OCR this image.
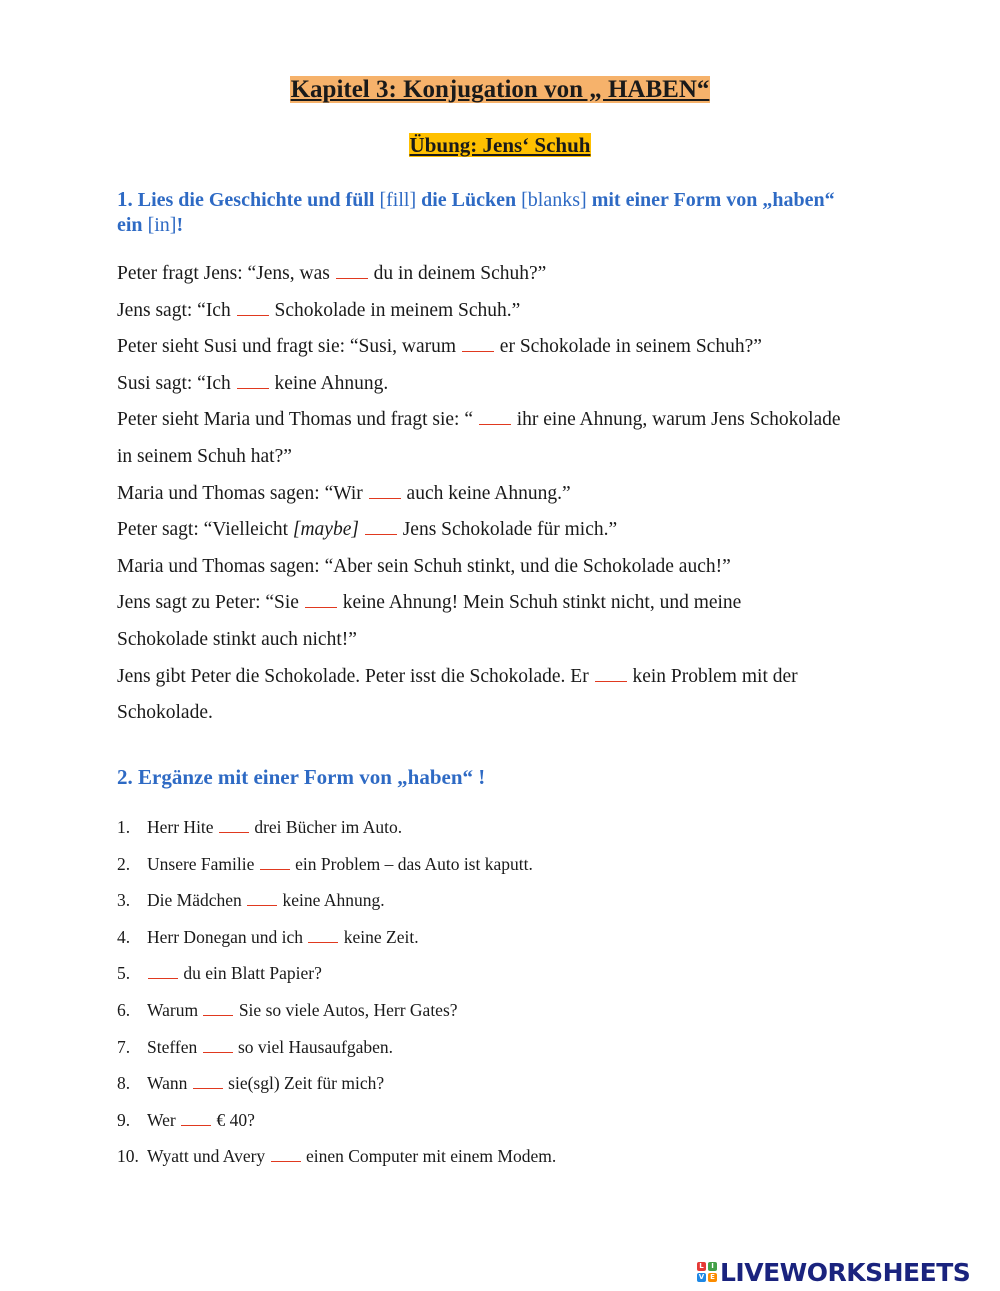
Kapitel 3: Konjugation von „ HABEN“
Übung: Jens‘ Schuh
1. Lies die Geschichte und füll [fill] die Lücken [blanks] mit einer Form von „haben“
ein [in]!
Peter fragt Jens: “Jens, was du in deinem Schuh?”
Jens sagt: “Ich Schokolade in meinem Schuh.”
Peter sieht Susi und fragt sie: “Susi, warum er Schokolade in seinem Schuh?”
Susi sagt: “Ich keine Ahnung.
Peter sieht Maria und Thomas und fragt sie: “ ihr eine Ahnung, warum Jens Schokolade
in seinem Schuh hat?”
Maria und Thomas sagen: “Wir auch keine Ahnung.”
Peter sagt: “Vielleicht [maybe] Jens Schokolade für mich.”
Maria und Thomas sagen: “Aber sein Schuh stinkt, und die Schokolade auch!”
Jens sagt zu Peter: “Sie keine Ahnung! Mein Schuh stinkt nicht, und meine
Schokolade stinkt auch nicht!”
Jens gibt Peter die Schokolade. Peter isst die Schokolade. Er kein Problem mit der
Schokolade.
2. Ergänze mit einer Form von „haben“ !
1. Herr Hite drei Bücher im Auto.
2. Unsere Familie ein Problem – das Auto ist kaputt.
3. Die Mädchen keine Ahnung.
4. Herr Donegan und ich keine Zeit.
5.	du ein Blatt Papier?
6. Warum Sie so viele Autos, Herr Gates?
7. Steffen so viel Hausaufgaben.
8. Wann sie(sgl) Zeit für mich?
9. Wer € 40?
10. Wyatt und Avery einen Computer mit einem Modem.
L	I
V E LIVEWORKSHEETS
